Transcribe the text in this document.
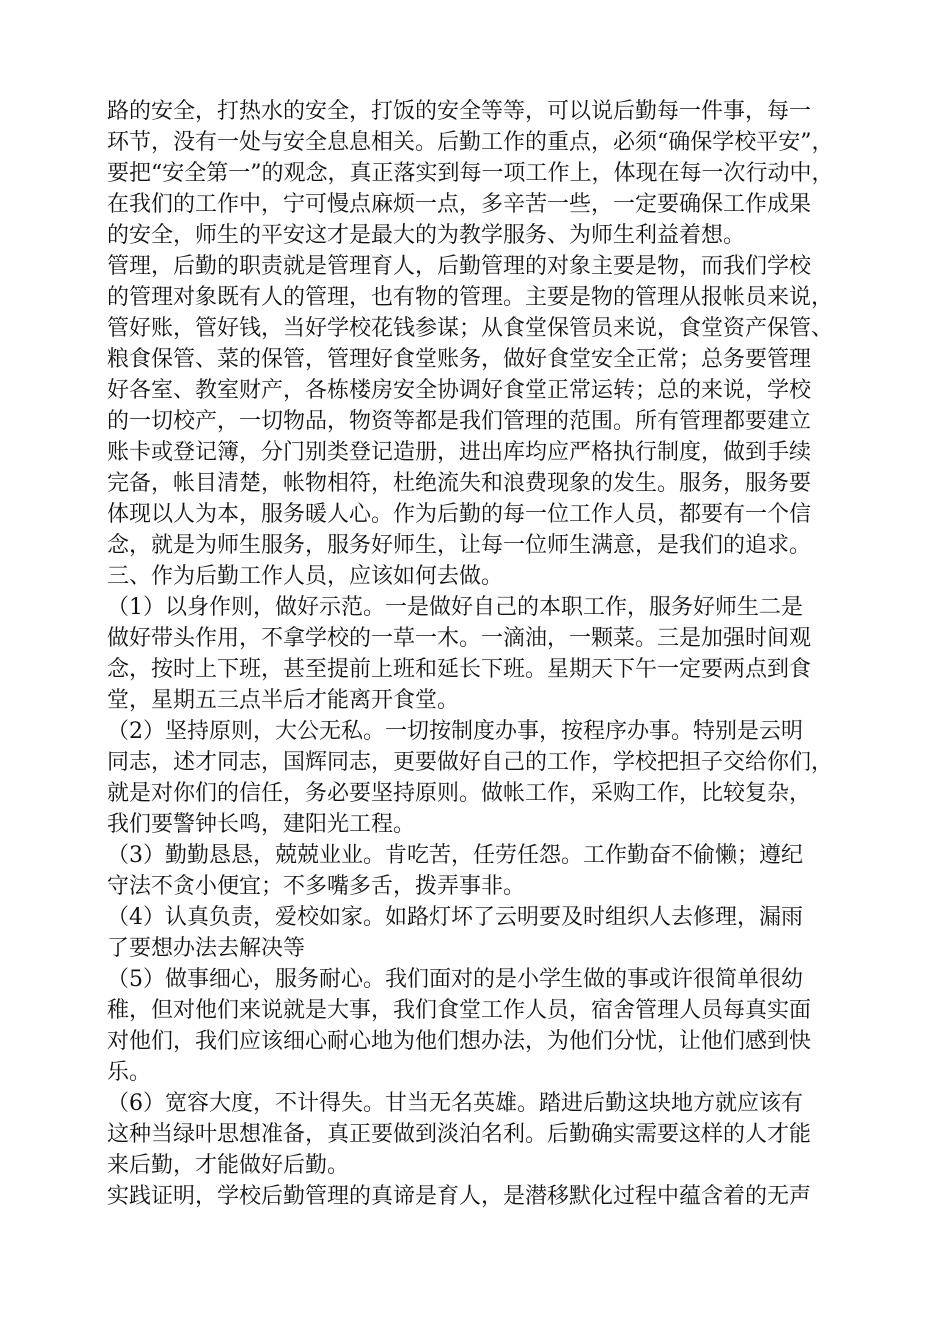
路的安全，打热水的安全，打饭的安全等等，可以说后勤每一件事，每一
环节，没有一处与安全息息相关。后勤工作的重点，必须“确保学校平安”，
要把“安全第一”的观念，真正落实到每一项工作上，体现在每一次行动中，
在我们的工作中，宁可慢点麻烦一点，多辛苦一些，一定要确保工作成果
的安全，师生的平安这才是最大的为教学服务、为师生利益着想。
管理，后勤的职责就是管理育人，后勤管理的对象主要是物，而我们学校
的管理对象既有人的管理，也有物的管理。主要是物的管理从报帐员来说，
管好账，管好钱，当好学校花钱参谋；从食堂保管员来说，食堂资产保管、
粮食保管、菜的保管，管理好食堂账务，做好食堂安全正常；总务要管理
好各室、教室财产，各栋楼房安全协调好食堂正常运转；总的来说，学校
的一切校产，一切物品，物资等都是我们管理的范围。所有管理都要建立
账卡或登记簿，分门别类登记造册，进出库均应严格执行制度，做到手续
完备，帐目清楚，帐物相符，杜绝流失和浪费现象的发生。服务，服务要
体现以人为本，服务暖人心。作为后勤的每一位工作人员，都要有一个信
念，就是为师生服务，服务好师生，让每一位师生满意，是我们的追求。
三、作为后勤工作人员，应该如何去做。
（1）以身作则，做好示范。一是做好自己的本职工作，服务好师生二是
做好带头作用，不拿学校的一草一木。一滴油，一颗菜。三是加强时间观
念，按时上下班，甚至提前上班和延长下班。星期天下午一定要两点到食
堂，星期五三点半后才能离开食堂。
（2）坚持原则，大公无私。一切按制度办事，按程序办事。特别是云明
同志，述才同志，国辉同志，更要做好自己的工作，学校把担子交给你们，
就是对你们的信任，务必要坚持原则。做帐工作，采购工作，比较复杂，
我们要警钟长鸣，建阳光工程。
（3）勤勤恳恳，兢兢业业。肯吃苦，任劳任怨。工作勤奋不偷懒；遵纪
守法不贪小便宜；不多嘴多舌，拨弄事非。
（4）认真负责，爱校如家。如路灯坏了云明要及时组织人去修理，漏雨
了要想办法去解决等
（5）做事细心，服务耐心。我们面对的是小学生做的事或许很简单很幼
稚，但对他们来说就是大事，我们食堂工作人员，宿舍管理人员每真实面
对他们，我们应该细心耐心地为他们想办法，为他们分忧，让他们感到快
乐。
（6）宽容大度，不计得失。甘当无名英雄。踏进后勤这块地方就应该有
这种当绿叶思想准备，真正要做到淡泊名利。后勤确实需要这样的人才能
来后勤，才能做好后勤。
实践证明，学校后勤管理的真谛是育人，是潜移默化过程中蕴含着的无声
